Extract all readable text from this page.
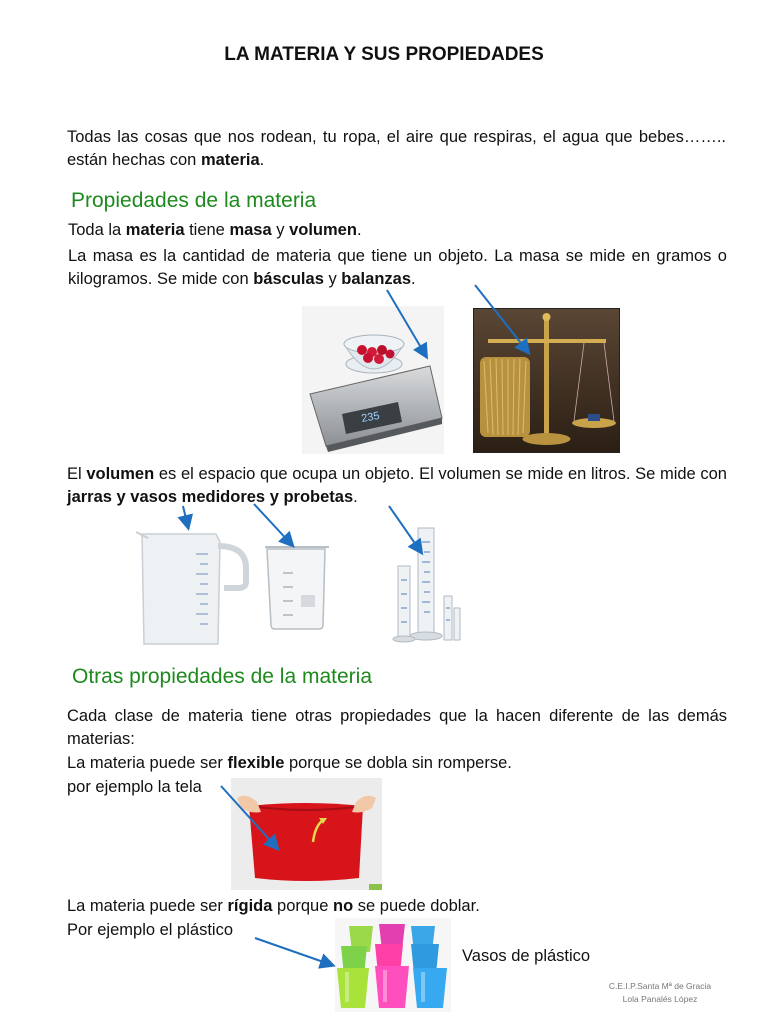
LA MATERIA Y SUS PROPIEDADES
Todas las cosas que nos rodean, tu ropa, el aire que respiras, el agua que bebes…….. están hechas con materia.
Propiedades de la materia
Toda la materia tiene masa y volumen.
La masa es la cantidad de materia que tiene un objeto. La masa se mide en gramos o kilogramos. Se mide con básculas y balanzas.
235
El volumen es el espacio que ocupa un objeto. El volumen se mide en litros. Se mide con jarras y vasos medidores y probetas.
Otras propiedades de la materia
Cada clase de materia tiene otras propiedades que la hacen diferente de las demás materias:
La materia puede ser flexible porque se dobla sin romperse.
por ejemplo la tela
La materia puede ser rígida porque no se puede doblar.
Por ejemplo el plástico
Vasos de plástico
C.E.I.P.Santa Mª de Gracia
Lola Panalés López
